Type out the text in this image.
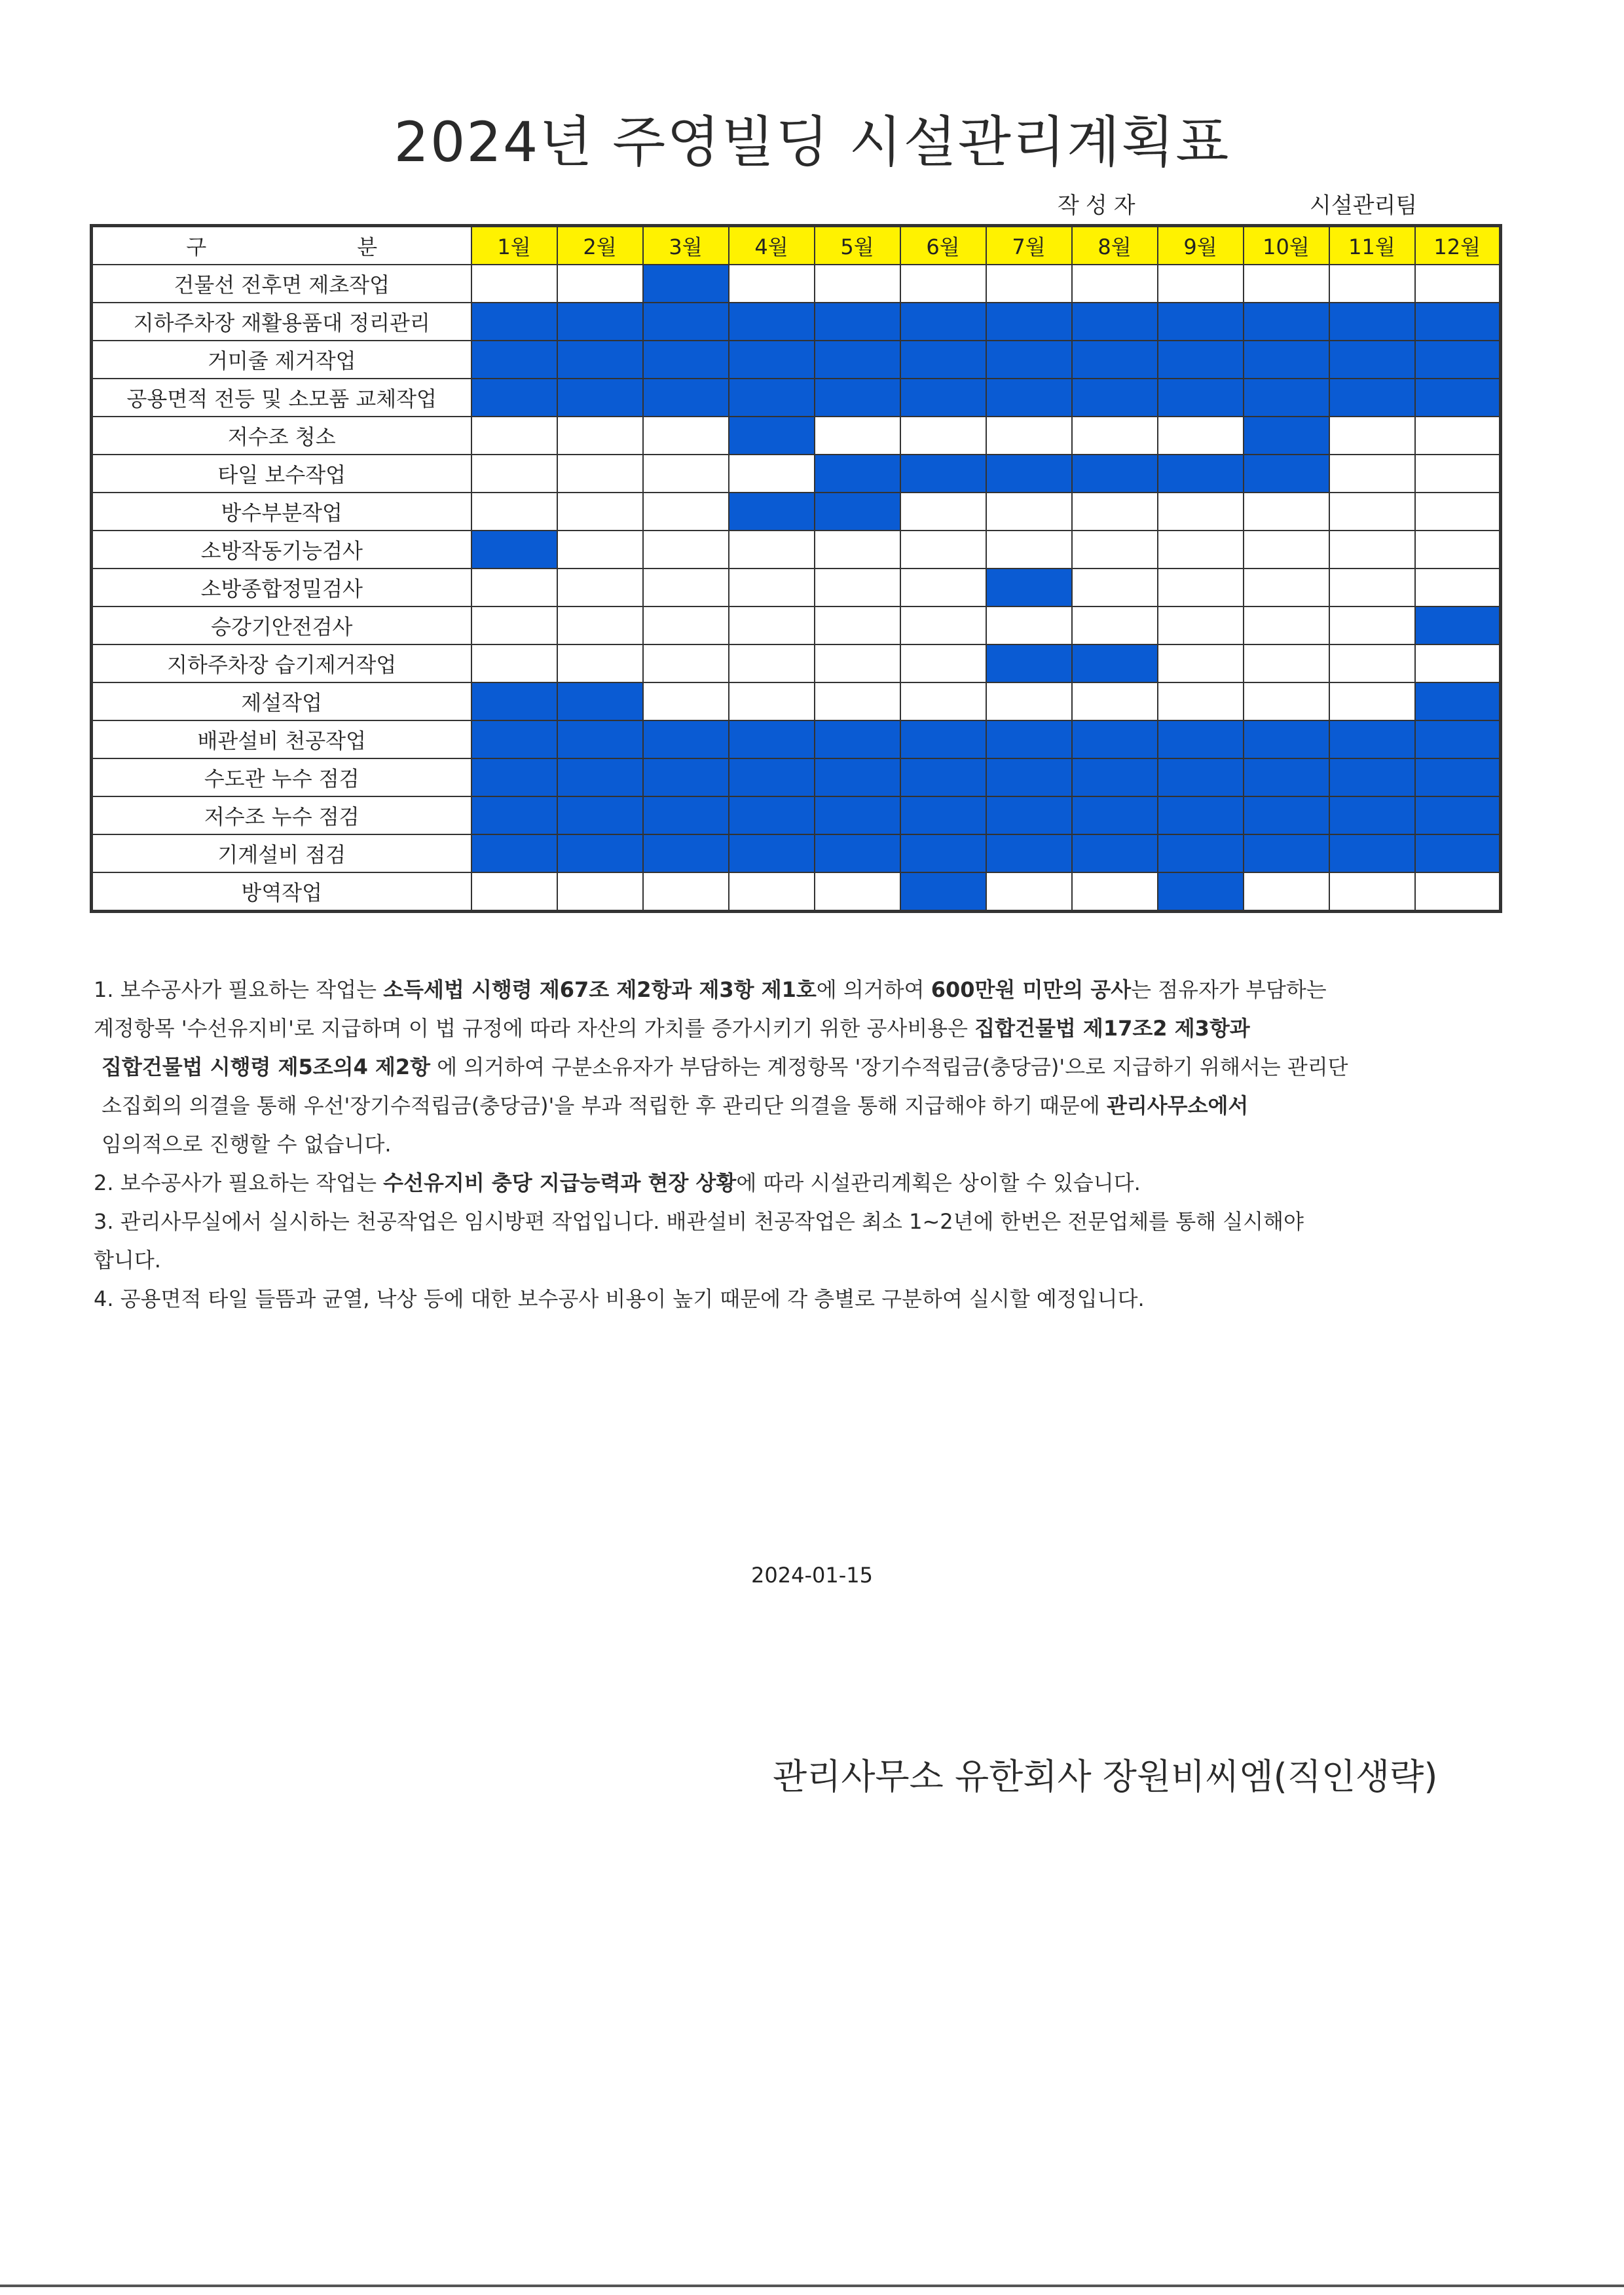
2024년 주영빌딩 시설관리계획표
작성자	시설관리팀
구 분	1월	2월	3월	4월	5월	6월	7월	8월	9월	10월	11월	12월
건물선 전후면 제초작업												
지하주차장 재활용품대 정리관리												
거미줄 제거작업												
공용면적 전등 및 소모품 교체작업												
저수조 청소												
타일 보수작업												
방수부분작업												
소방작동기능검사												
소방종합정밀검사												
승강기안전검사												
지하주차장 습기제거작업												
제설작업												
배관설비 천공작업												
수도관 누수 점검												
저수조 누수 점검												
기계설비 점검												
방역작업												

1. 보수공사가 필요하는 작업는 소득세법 시행령 제67조 제2항과 제3항 제1호에 의거하여 600만원 미만의 공사는 점유자가 부담하는

계정항목 '수선유지비'로 지급하며 이 법 규정에 따라 자산의 가치를 증가시키기 위한 공사비용은 집합건물법 제17조2 제3항과

집합건물법 시행령 제5조의4 제2항 에 의거하여 구분소유자가 부담하는 계정항목 '장기수적립금(충당금)'으로 지급하기 위해서는 관리단

소집회의 의결을 통해 우선'장기수적립금(충당금)'을 부과 적립한 후 관리단 의결을 통해 지급해야 하기 때문에 관리사무소에서

임의적으로 진행할 수 없습니다.

2. 보수공사가 필요하는 작업는 수선유지비 충당 지급능력과 현장 상황에 따라 시설관리계획은 상이할 수 있습니다.

3. 관리사무실에서 실시하는 천공작업은 임시방편 작업입니다. 배관설비 천공작업은 최소 1~2년에 한번은 전문업체를 통해 실시해야

합니다.

4. 공용면적 타일 들뜸과 균열, 낙상 등에 대한 보수공사 비용이 높기 때문에 각 층별로 구분하여 실시할 예정입니다.

2024-01-15
관리사무소 유한회사 장원비씨엠(직인생략)
